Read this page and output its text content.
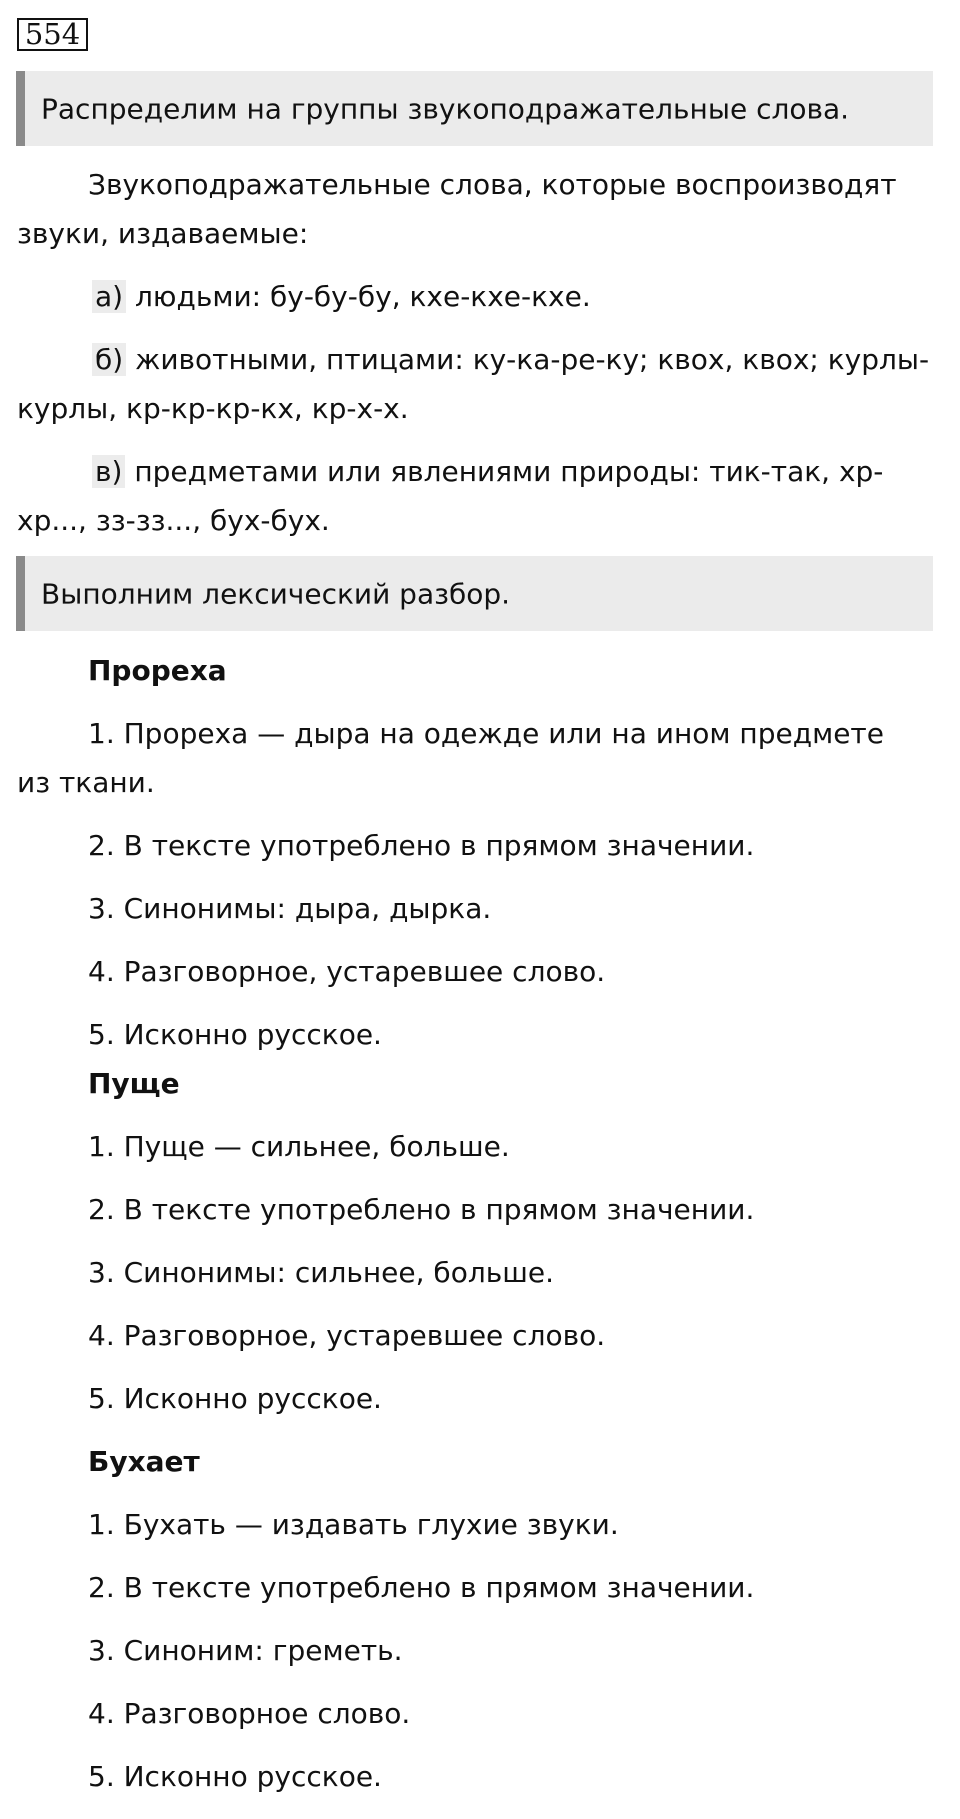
554
Распределим на группы звукоподражательные слова.
Звукоподражательные слова, которые воспроизводят
звуки, издаваемые:
а) людьми: бу-бу-бу, кхе-кхе-кхе.
б) животными, птицами: ку-ка-ре-ку; квох, квох; курлы-
курлы, кр-кр-кр-кх, кр-х-х.
в) предметами или явлениями природы: тик-так, хр-
хр..., зз-зз..., бух-бух.
Выполним лексический разбор.
Прореха
1. Прореха — дыра на одежде или на ином предмете
из ткани.
2. В тексте употреблено в прямом значении.
3. Синонимы: дыра, дырка.
4. Разговорное, устаревшее слово.
5. Исконно русское.
Пуще
1. Пуще — сильнее, больше.
2. В тексте употреблено в прямом значении.
3. Синонимы: сильнее, больше.
4. Разговорное, устаревшее слово.
5. Исконно русское.
Бухает
1. Бухать — издавать глухие звуки.
2. В тексте употреблено в прямом значении.
3. Синоним: греметь.
4. Разговорное слово.
5. Исконно русское.
